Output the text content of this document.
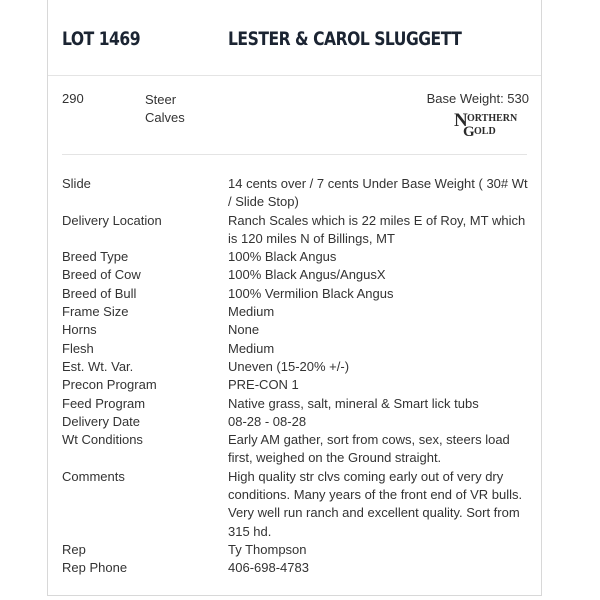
LOT 1469	LESTER & CAROL SLUGGETT
290	Steer
Calves
Base Weight: 530
N ORTHERN
G OLD
Slide	14 cents over / 7 cents Under Base Weight ( 30# Wt / Slide Stop)
Delivery Location	Ranch Scales which is 22 miles E of Roy, MT which is 120 miles N of Billings, MT
Breed Type	100% Black Angus
Breed of Cow	100% Black Angus/AngusX
Breed of Bull	100% Vermilion Black Angus
Frame Size	Medium
Horns	None
Flesh	Medium
Est. Wt. Var.	Uneven (15-20% +/-)
Precon Program	PRE-CON 1
Feed Program	Native grass, salt, mineral & Smart lick tubs
Delivery Date	08-28 - 08-28
Wt Conditions	Early AM gather, sort from cows, sex, steers load first, weighed on the Ground straight.
Comments	High quality str clvs coming early out of very dry conditions. Many years of the front end of VR bulls. Very well run ranch and excellent quality. Sort from 315 hd.
Rep	Ty Thompson
Rep Phone	406-698-4783
